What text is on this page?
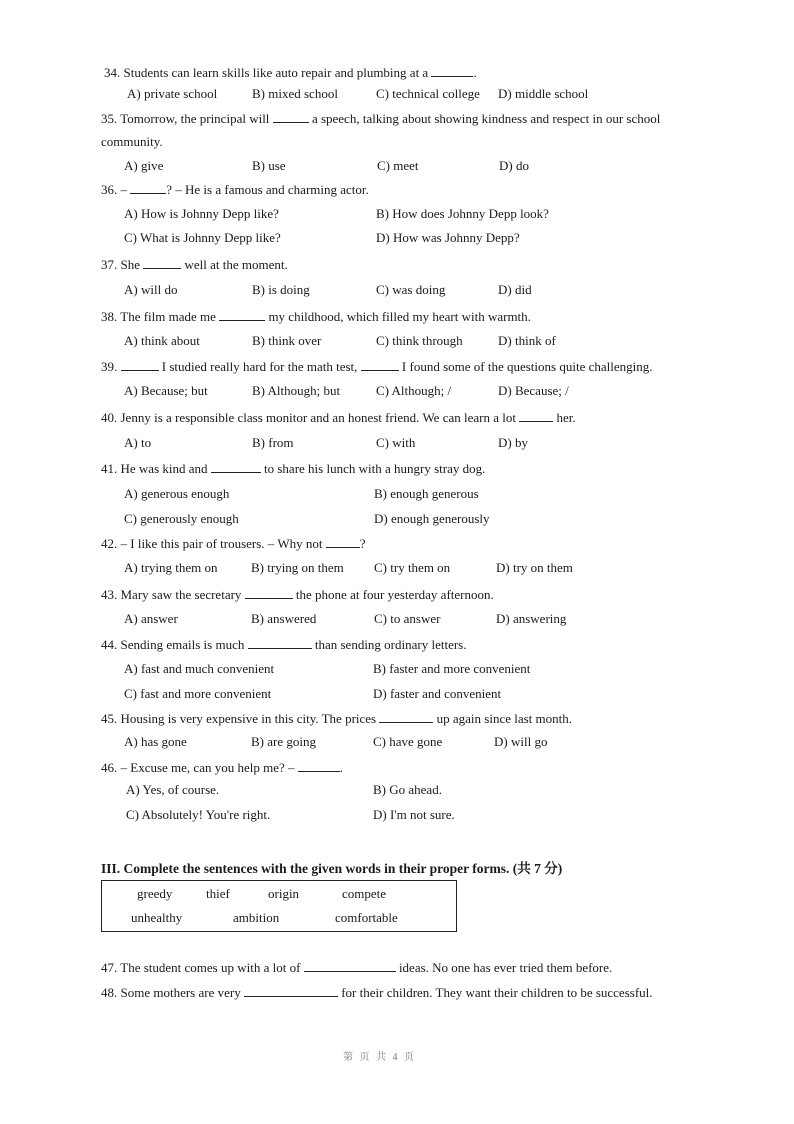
34. Students can learn skills like auto repair and plumbing at a	.
A) private school	B) mixed school	C) technical college D) middle school
35. Tomorrow, the principal will	a speech, talking about showing kindness and respect in our school
community.
A) give	B) use	C) meet	D) do
36. –	? – He is a famous and charming actor.
A) How is Johnny Depp like?	B) How does Johnny Depp look?
C) What is Johnny Depp like?	D) How was Johnny Depp?
37. She	well at the moment.
A) will do	B) is doing	C) was doing	D) did
38. The film made me	my childhood, which filled my heart with warmth.
A) think about	B) think over	C) think through	D) think of
39.	I studied really hard for the math test,	I found some of the questions quite challenging.
A) Because; but	B) Although; but	C) Although; /	D) Because; /
40. Jenny is a responsible class monitor and an honest friend. We can learn a lot	her.
A) to	B) from	C) with	D) by
41. He was kind and	to share his lunch with a hungry stray dog.
A) generous enough	B) enough generous
C) generously enough	D) enough generously
42. – I like this pair of trousers. – Why not	?
A) trying them on	B) trying on them C) try them on	D) try on them
43. Mary saw the secretary	the phone at four yesterday afternoon.
A) answer	B) answered	C) to answer	D) answering
44. Sending emails is much	than sending ordinary letters.
A) fast and much convenient	B) faster and more convenient
C) fast and more convenient	D) faster and convenient
45. Housing is very expensive in this city. The prices	up again since last month.
A) has gone	B) are going	C) have gone	D) will go
46. – Excuse me, can you help me? –	.
A) Yes, of course.	B) Go ahead.
C) Absolutely! You're right.	D) I'm not sure.
III. Complete the sentences with the given words in their proper forms. (共 7 分)
greedy	thief	origin	compete
unhealthy	ambition	comfortable
47. The student comes up with a lot of	ideas. No one has ever tried them before.
48. Some mothers are very	for their children. They want their children to be successful.
第 页 共 4 页
